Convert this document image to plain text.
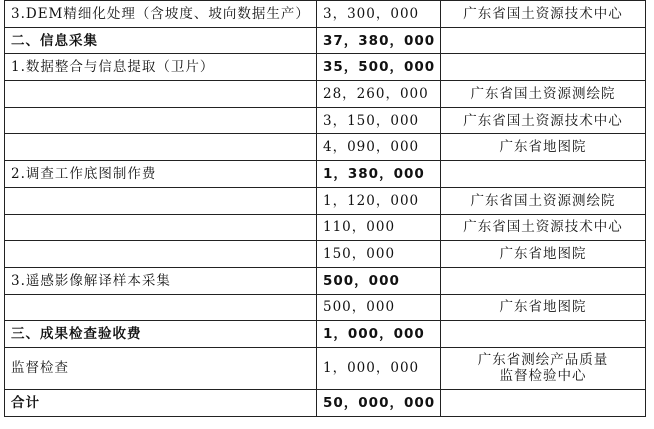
3.DEM精细化处理（含坡度、坡向数据生产）	3，300，000	广东省国土资源技术中心
二、信息采集	37，380，000	
1.数据整合与信息提取（卫片）	35，500，000	
	28，260，000	广东省国土资源测绘院
	3，150，000	广东省国土资源技术中心
	4，090，000	广东省地图院
2.调查工作底图制作费	1，380，000	
	1，120，000	广东省国土资源测绘院
	110，000	广东省国土资源技术中心
	150，000	广东省地图院
3.遥感影像解译样本采集	500，000	
	500，000	广东省地图院
三、成果检查验收费	1，000，000	
监督检查	1，000，000	广东省测绘产品质量
监督检验中心

合计	50，000，000	
